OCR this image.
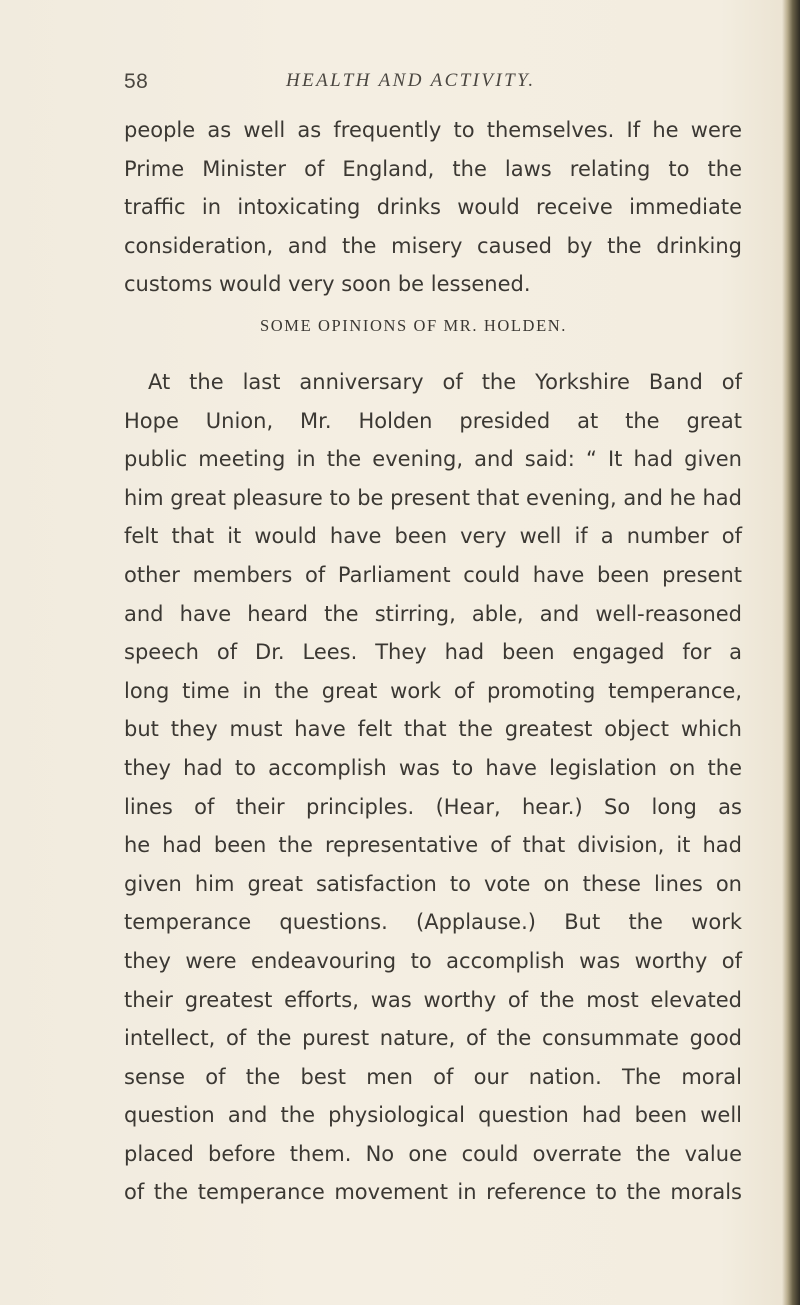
58	HEALTH AND ACTIVITY.
people as well as frequently to themselves. If he were
Prime Minister of England, the laws relating to the
traffic in intoxicating drinks would receive immediate
consideration, and the misery caused by the drinking
customs would very soon be lessened.
SOME OPINIONS OF MR. HOLDEN.
At the last anniversary of the Yorkshire Band of
Hope Union, Mr. Holden presided at the great
public meeting in the evening, and said: “ It had given
him great pleasure to be present that evening, and he had
felt that it would have been very well if a number of
other members of Parliament could have been present
and have heard the stirring, able, and well-reasoned
speech of Dr. Lees. They had been engaged for a
long time in the great work of promoting temperance,
but they must have felt that the greatest object which
they had to accomplish was to have legislation on the
lines of their principles. (Hear, hear.) So long as
he had been the representative of that division, it had
given him great satisfaction to vote on these lines on
temperance questions. (Applause.) But the work
they were endeavouring to accomplish was worthy of
their greatest efforts, was worthy of the most elevated
intellect, of the purest nature, of the consummate good
sense of the best men of our nation. The moral
question and the physiological question had been well
placed before them. No one could overrate the value
of the temperance movement in reference to the morals
